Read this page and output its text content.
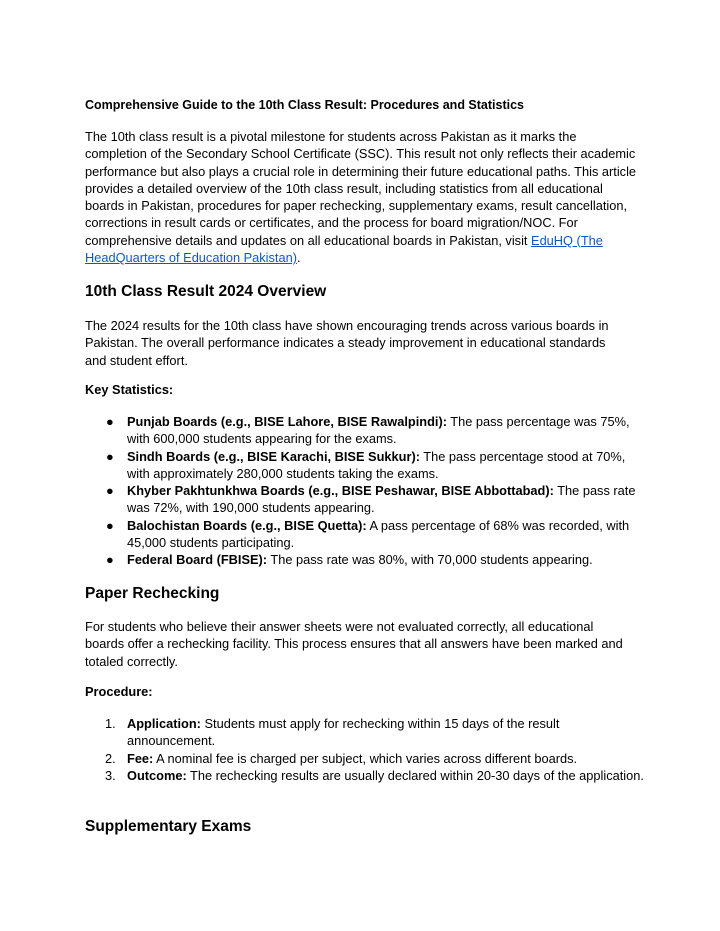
Comprehensive Guide to the 10th Class Result: Procedures and Statistics

The 10th class result is a pivotal milestone for students across Pakistan as it marks the completion of the Secondary School Certificate (SSC). This result not only reflects their academic performance but also plays a crucial role in determining their future educational paths. This article provides a detailed overview of the 10th class result, including statistics from all educational boards in Pakistan, procedures for paper rechecking, supplementary exams, result cancellation, corrections in result cards or certificates, and the process for board migration/NOC. For comprehensive details and updates on all educational boards in Pakistan, visit EduHQ (The HeadQuarters of Education Pakistan).

10th Class Result 2024 Overview

The 2024 results for the 10th class have shown encouraging trends across various boards in Pakistan. The overall performance indicates a steady improvement in educational standards and student effort.

Key Statistics:
● Punjab Boards (e.g., BISE Lahore, BISE Rawalpindi): The pass percentage was 75%, with 600,000 students appearing for the exams.
● Sindh Boards (e.g., BISE Karachi, BISE Sukkur): The pass percentage stood at 70%, with approximately 280,000 students taking the exams.
● Khyber Pakhtunkhwa Boards (e.g., BISE Peshawar, BISE Abbottabad): The pass rate was 72%, with 190,000 students appearing.
● Balochistan Boards (e.g., BISE Quetta): A pass percentage of 68% was recorded, with 45,000 students participating.
● Federal Board (FBISE): The pass rate was 80%, with 70,000 students appearing.
Paper Rechecking

For students who believe their answer sheets were not evaluated correctly, all educational boards offer a rechecking facility. This process ensures that all answers have been marked and totaled correctly.

Procedure:
1. Application: Students must apply for rechecking within 15 days of the result announcement.
2. Fee: A nominal fee is charged per subject, which varies across different boards.
3. Outcome: The rechecking results are usually declared within 20-30 days of the application.
Supplementary Exams
